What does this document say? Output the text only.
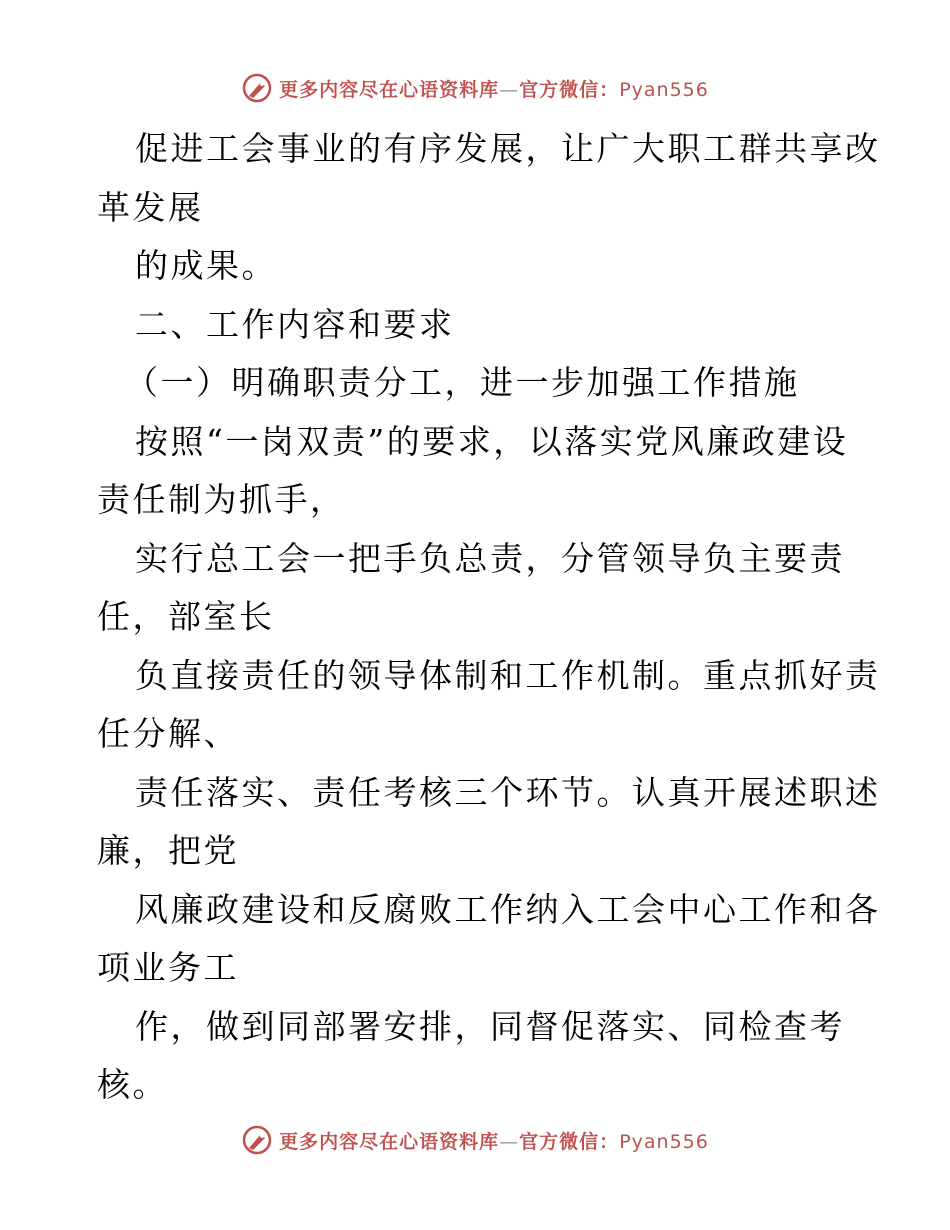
更多内容尽在心语资料库—官方微信：Pyan556
促进工会事业的有序发展，让广大职工群共享改
革发展
的成果。
二、工作内容和要求
（一）明确职责分工，进一步加强工作措施
按照“一岗双责”的要求，以落实党风廉政建设
责任制为抓手，
实行总工会一把手负总责，分管领导负主要责
任，部室长
负直接责任的领导体制和工作机制。重点抓好责
任分解、
责任落实、责任考核三个环节。认真开展述职述
廉，把党
风廉政建设和反腐败工作纳入工会中心工作和各
项业务工
作，做到同部署安排，同督促落实、同检查考
核。
更多内容尽在心语资料库—官方微信：Pyan556
